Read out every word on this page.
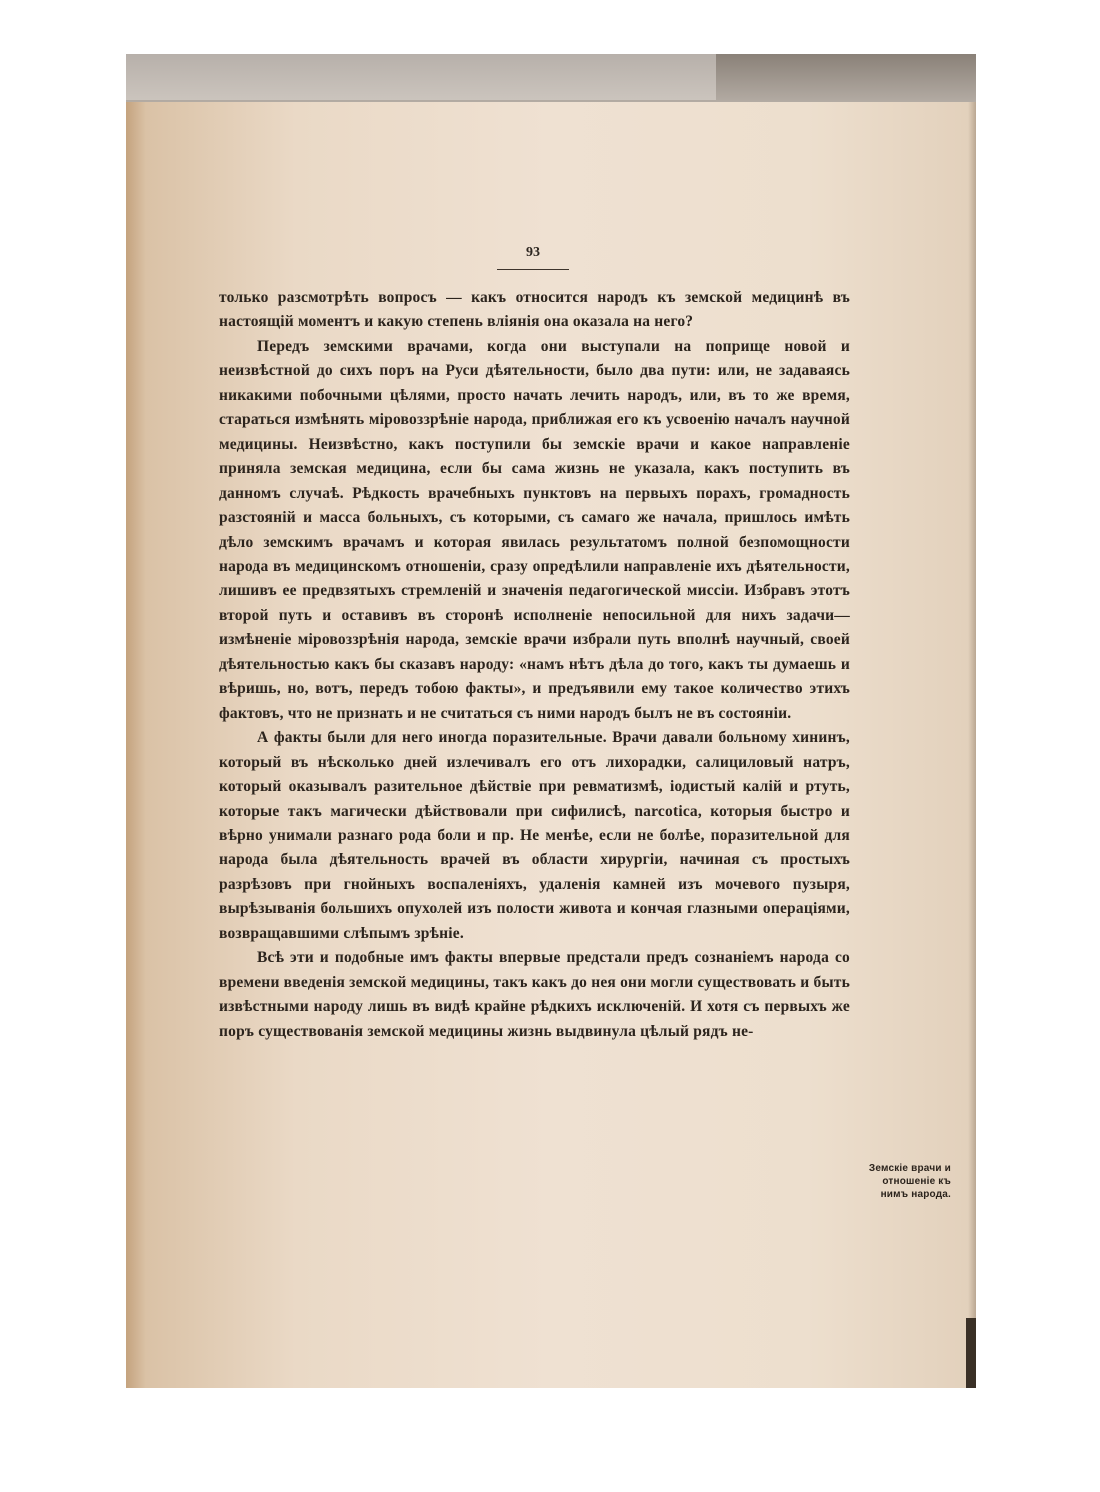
93

только разсмотрѣть вопросъ — какъ относится народъ къ земской медицинѣ въ настоящій моментъ и какую степень вліянія она оказала на него?

Передъ земскими врачами, когда они выступали на поприще новой и неизвѣстной до сихъ поръ на Руси дѣятельности, было два пути: или, не задаваясь никакими побочными цѣлями, просто начать лечить народъ, или, въ то же время, стараться измѣнять міровоззрѣніе народа, приближая его къ усвоенію началъ научной медицины. Неизвѣстно, какъ поступили бы земскіе врачи и какое направленіе приняла земская медицина, если бы сама жизнь не указала, какъ поступить въ данномъ случаѣ. Рѣдкость врачебныхъ пунктовъ на первыхъ порахъ, громадность разстояній и масса больныхъ, съ которыми, съ самаго же начала, пришлось имѣть дѣло земскимъ врачамъ и которая явилась результатомъ полной безпомощности народа въ медицинскомъ отношеніи, сразу опредѣлили направленіе ихъ дѣятельности, лишивъ ее предвзятыхъ стремленій и значенія педагогической миссіи. Избравъ этотъ второй путь и оставивъ въ сторонѣ исполненіе непосильной для нихъ задачи— измѣненіе міровоззрѣнія народа, земскіе врачи избрали путь вполнѣ научный, своей дѣятельностью какъ бы сказавъ народу: «намъ нѣтъ дѣла до того, какъ ты думаешь и вѣришь, но, вотъ, передъ тобою факты», и предъявили ему такое количество этихъ фактовъ, что не признать и не считаться съ ними народъ былъ не въ состояніи.

А факты были для него иногда поразительные. Врачи давали больному хининъ, который въ нѣсколько дней излечивалъ его отъ лихорадки, салициловый натръ, который оказывалъ разительное дѣйствіе при ревматизмѣ, іодистый калій и ртуть, которые такъ магически дѣйствовали при сифилисѣ, narcotica, которыя быстро и вѣрно унимали разнаго рода боли и пр. Не менѣе, если не болѣе, поразительной для народа была дѣятельность врачей въ области хирургіи, начиная съ простыхъ разрѣзовъ при гнойныхъ воспаленіяхъ, удаленія камней изъ мочевого пузыря, вырѣзыванія большихъ опухолей изъ полости живота и кончая глазными операціями, возвращавшими слѣпымъ зрѣніе.

Всѣ эти и подобные имъ факты впервые предстали предъ сознаніемъ народа со времени введенія земской медицины, такъ какъ до нея они могли существовать и быть извѣстными народу лишь въ видѣ крайне рѣдкихъ исключеній. И хотя съ первыхъ же поръ существованія земской медицины жизнь выдвинула цѣлый рядъ не-

Земскіе врачи и отношеніе къ нимъ народа.
